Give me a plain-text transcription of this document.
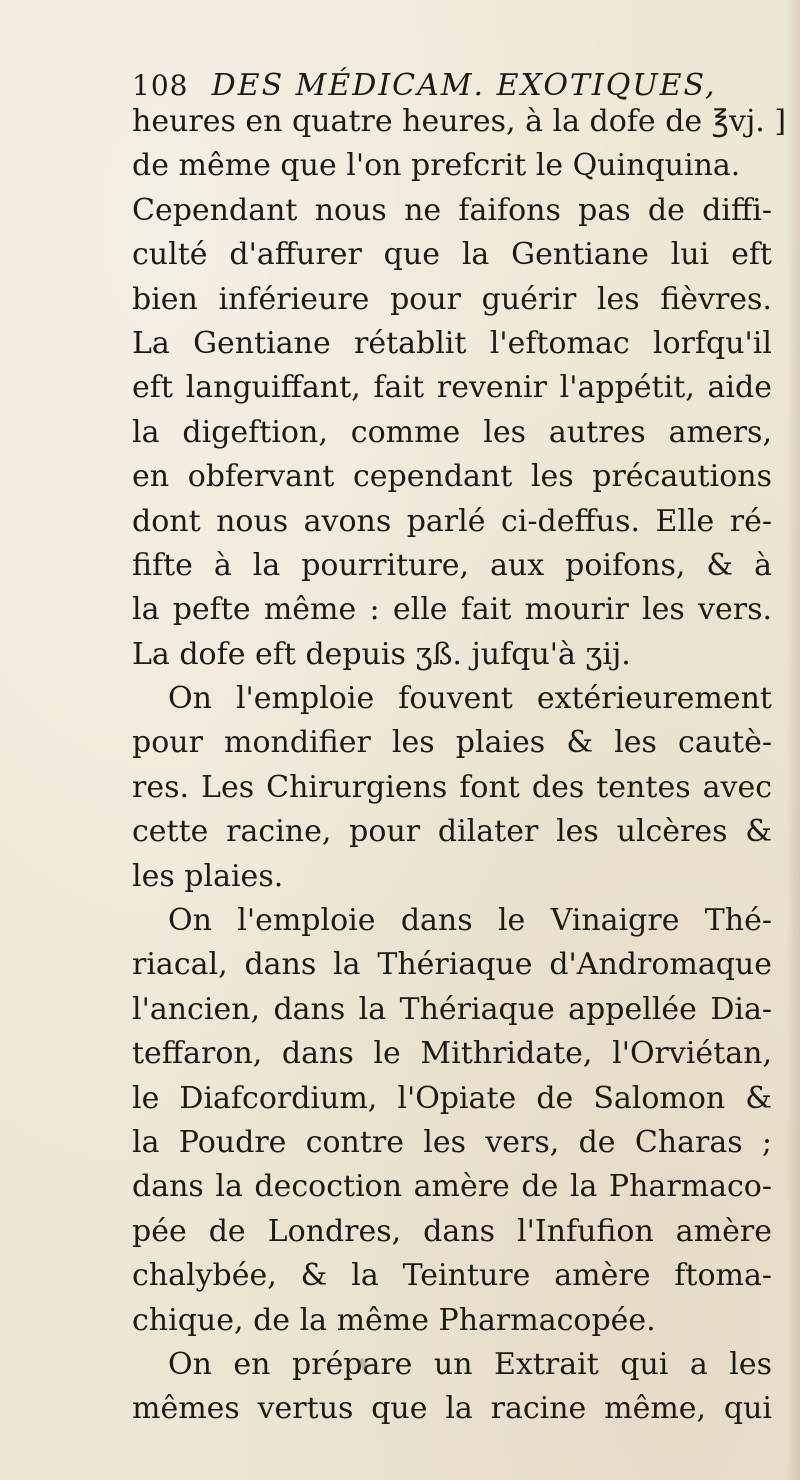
108 DES MÉDICAM. EXOTIQUES,
heures en quatre heures, à la dofe de ℥vj. ]
de même que l'on prefcrit le Quinquina.
Cependant nous ne faifons pas de diffi-
culté d'affurer que la Gentiane lui eft
bien inférieure pour guérir les fièvres.
La Gentiane rétablit l'eftomac lorfqu'il
eft languiffant, fait revenir l'appétit, aide
la digeftion, comme les autres amers,
en obfervant cependant les précautions
dont nous avons parlé ci-deffus. Elle ré-
fifte à la pourriture, aux poifons, & à
la pefte même : elle fait mourir les vers.
La dofe eft depuis ʒß. jufqu'à ʒij.
On l'emploie fouvent extérieurement
pour mondifier les plaies & les cautè-
res. Les Chirurgiens font des tentes avec
cette racine, pour dilater les ulcères &
les plaies.
On l'emploie dans le Vinaigre Thé-
riacal, dans la Thériaque d'Andromaque
l'ancien, dans la Thériaque appellée Dia-
teffaron, dans le Mithridate, l'Orviétan,
le Diafcordium, l'Opiate de Salomon &
la Poudre contre les vers, de Charas ;
dans la decoction amère de la Pharmaco-
pée de Londres, dans l'Infufion amère
chalybée, & la Teinture amère ftoma-
chique, de la même Pharmacopée.
On en prépare un Extrait qui a les
mêmes vertus que la racine même, qui
